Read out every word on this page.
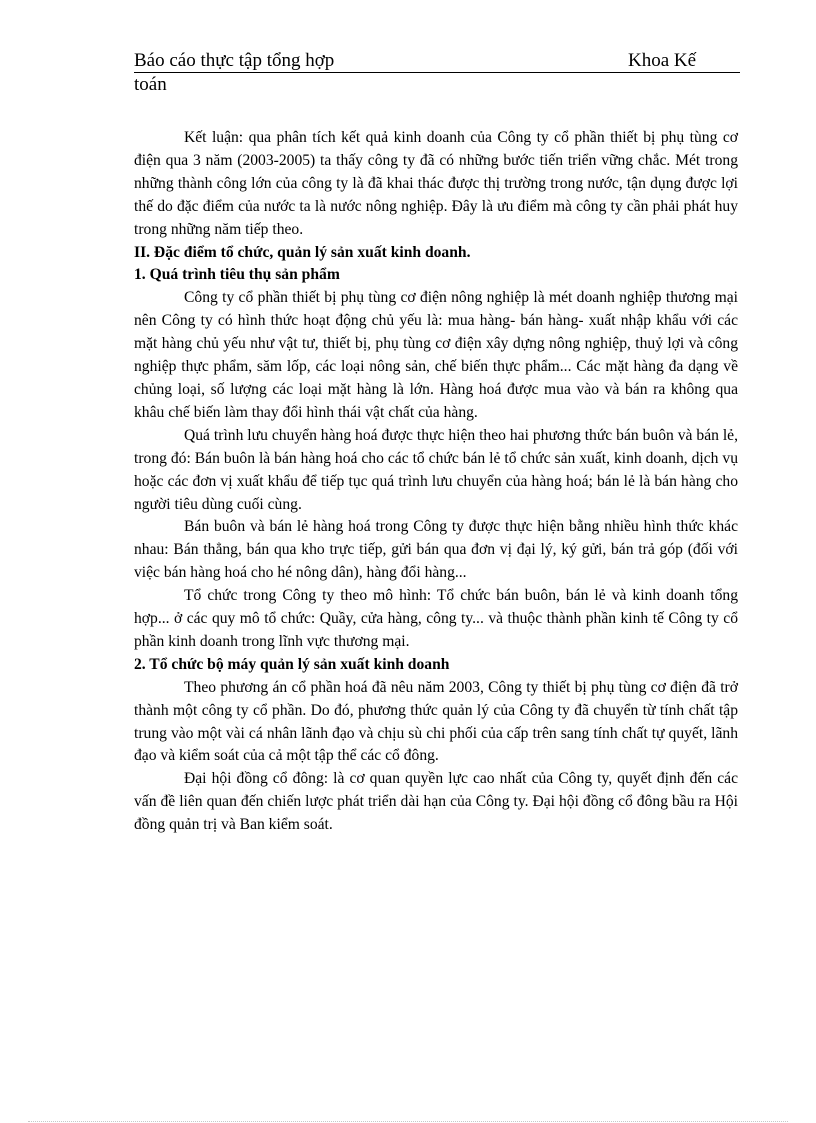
Báo cáo thực tập tổng hợp	Khoa Kế
toán

Kết luận: qua phân tích kết quả kinh doanh của Công ty cổ phần thiết bị phụ tùng cơ điện qua 3 năm (2003-2005) ta thấy công ty đã có những bước tiến triển vững chắc. Mét trong những thành công lớn của công ty là đã khai thác được thị trường trong nước, tận dụng được lợi thế do đặc điểm của nước ta là nước nông nghiệp. Đây là ưu điểm mà công ty cần phải phát huy trong những năm tiếp theo.

II. Đặc điểm tổ chức, quản lý sản xuất kinh doanh.
1. Quá trình tiêu thụ sản phẩm

Công ty cổ phần thiết bị phụ tùng cơ điện nông nghiệp là mét doanh nghiệp thương mại nên Công ty có hình thức hoạt động chủ yếu là: mua hàng- bán hàng- xuất nhập khẩu với các mặt hàng chủ yếu như vật tư, thiết bị, phụ tùng cơ điện xây dựng nông nghiệp, thuỷ lợi và công nghiệp thực phẩm, săm lốp, các loại nông sản, chế biến thực phẩm... Các mặt hàng đa dạng về chủng loại, số lượng các loại mặt hàng là lớn. Hàng hoá được mua vào và bán ra không qua khâu chế biến làm thay đổi hình thái vật chất của hàng.

Quá trình lưu chuyển hàng hoá được thực hiện theo hai phương thức bán buôn và bán lẻ, trong đó: Bán buôn là bán hàng hoá cho các tổ chức bán lẻ tổ chức sản xuất, kinh doanh, dịch vụ hoặc các đơn vị xuất khẩu để tiếp tục quá trình lưu chuyển của hàng hoá; bán lẻ là bán hàng cho người tiêu dùng cuối cùng.

Bán buôn và bán lẻ hàng hoá trong Công ty được thực hiện bằng nhiều hình thức khác nhau: Bán thẳng, bán qua kho trực tiếp, gửi bán qua đơn vị đại lý, ký gửi, bán trả góp (đối với việc bán hàng hoá cho hé nông dân), hàng đổi hàng...

Tổ chức trong Công ty theo mô hình: Tổ chức bán buôn, bán lẻ và kinh doanh tổng hợp... ở các quy mô tổ chức: Quầy, cửa hàng, công ty... và thuộc thành phần kinh tế Công ty cổ phần kinh doanh trong lĩnh vực thương mại.

2. Tổ chức bộ máy quản lý sản xuất kinh doanh

Theo phương án cổ phần hoá đã nêu năm 2003, Công ty thiết bị phụ tùng cơ điện đã trở thành một công ty cổ phần. Do đó, phương thức quản lý của Công ty đã chuyển từ tính chất tập trung vào một vài cá nhân lãnh đạo và chịu sù chi phối của cấp trên sang tính chất tự quyết, lãnh đạo và kiểm soát của cả một tập thể các cổ đông.

Đại hội đồng cổ đông: là cơ quan quyền lực cao nhất của Công ty, quyết định đến các vấn đề liên quan đến chiến lược phát triển dài hạn của Công ty. Đại hội đồng cổ đông bầu ra Hội đồng quản trị và Ban kiểm soát.
